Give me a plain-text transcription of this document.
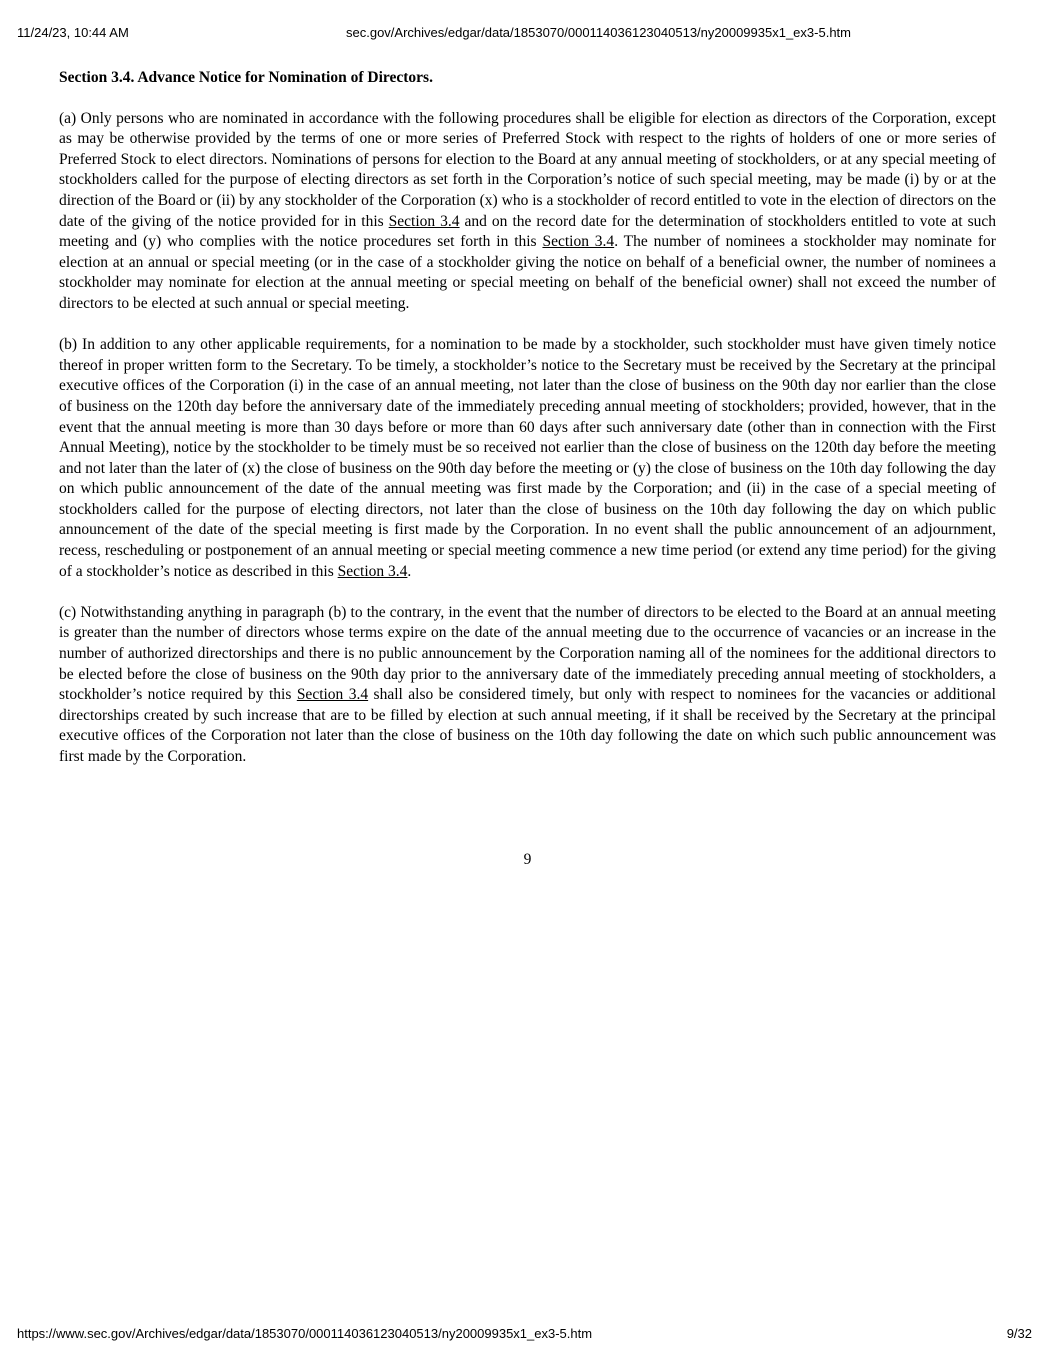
11/24/23, 10:44 AM	sec.gov/Archives/edgar/data/1853070/000114036123040513/ny20009935x1_ex3-5.htm
Section 3.4. Advance Notice for Nomination of Directors.

(a) Only persons who are nominated in accordance with the following procedures shall be eligible for election as directors of the Corporation, except as may be otherwise provided by the terms of one or more series of Preferred Stock with respect to the rights of holders of one or more series of Preferred Stock to elect directors. Nominations of persons for election to the Board at any annual meeting of stockholders, or at any special meeting of stockholders called for the purpose of electing directors as set forth in the Corporation’s notice of such special meeting, may be made (i) by or at the direction of the Board or (ii) by any stockholder of the Corporation (x) who is a stockholder of record entitled to vote in the election of directors on the date of the giving of the notice provided for in this Section 3.4 and on the record date for the determination of stockholders entitled to vote at such meeting and (y) who complies with the notice procedures set forth in this Section 3.4. The number of nominees a stockholder may nominate for election at an annual or special meeting (or in the case of a stockholder giving the notice on behalf of a beneficial owner, the number of nominees a stockholder may nominate for election at the annual meeting or special meeting on behalf of the beneficial owner) shall not exceed the number of directors to be elected at such annual or special meeting.

(b) In addition to any other applicable requirements, for a nomination to be made by a stockholder, such stockholder must have given timely notice thereof in proper written form to the Secretary. To be timely, a stockholder’s notice to the Secretary must be received by the Secretary at the principal executive offices of the Corporation (i) in the case of an annual meeting, not later than the close of business on the 90th day nor earlier than the close of business on the 120th day before the anniversary date of the immediately preceding annual meeting of stockholders; provided, however, that in the event that the annual meeting is more than 30 days before or more than 60 days after such anniversary date (other than in connection with the First Annual Meeting), notice by the stockholder to be timely must be so received not earlier than the close of business on the 120th day before the meeting and not later than the later of (x) the close of business on the 90th day before the meeting or (y) the close of business on the 10th day following the day on which public announcement of the date of the annual meeting was first made by the Corporation; and (ii) in the case of a special meeting of stockholders called for the purpose of electing directors, not later than the close of business on the 10th day following the day on which public announcement of the date of the special meeting is first made by the Corporation. In no event shall the public announcement of an adjournment, recess, rescheduling or postponement of an annual meeting or special meeting commence a new time period (or extend any time period) for the giving of a stockholder’s notice as described in this Section 3.4.

(c) Notwithstanding anything in paragraph (b) to the contrary, in the event that the number of directors to be elected to the Board at an annual meeting is greater than the number of directors whose terms expire on the date of the annual meeting due to the occurrence of vacancies or an increase in the number of authorized directorships and there is no public announcement by the Corporation naming all of the nominees for the additional directors to be elected before the close of business on the 90th day prior to the anniversary date of the immediately preceding annual meeting of stockholders, a stockholder’s notice required by this Section 3.4 shall also be considered timely, but only with respect to nominees for the vacancies or additional directorships created by such increase that are to be filled by election at such annual meeting, if it shall be received by the Secretary at the principal executive offices of the Corporation not later than the close of business on the 10th day following the date on which such public announcement was first made by the Corporation.

9
https://www.sec.gov/Archives/edgar/data/1853070/000114036123040513/ny20009935x1_ex3-5.htm	9/32
